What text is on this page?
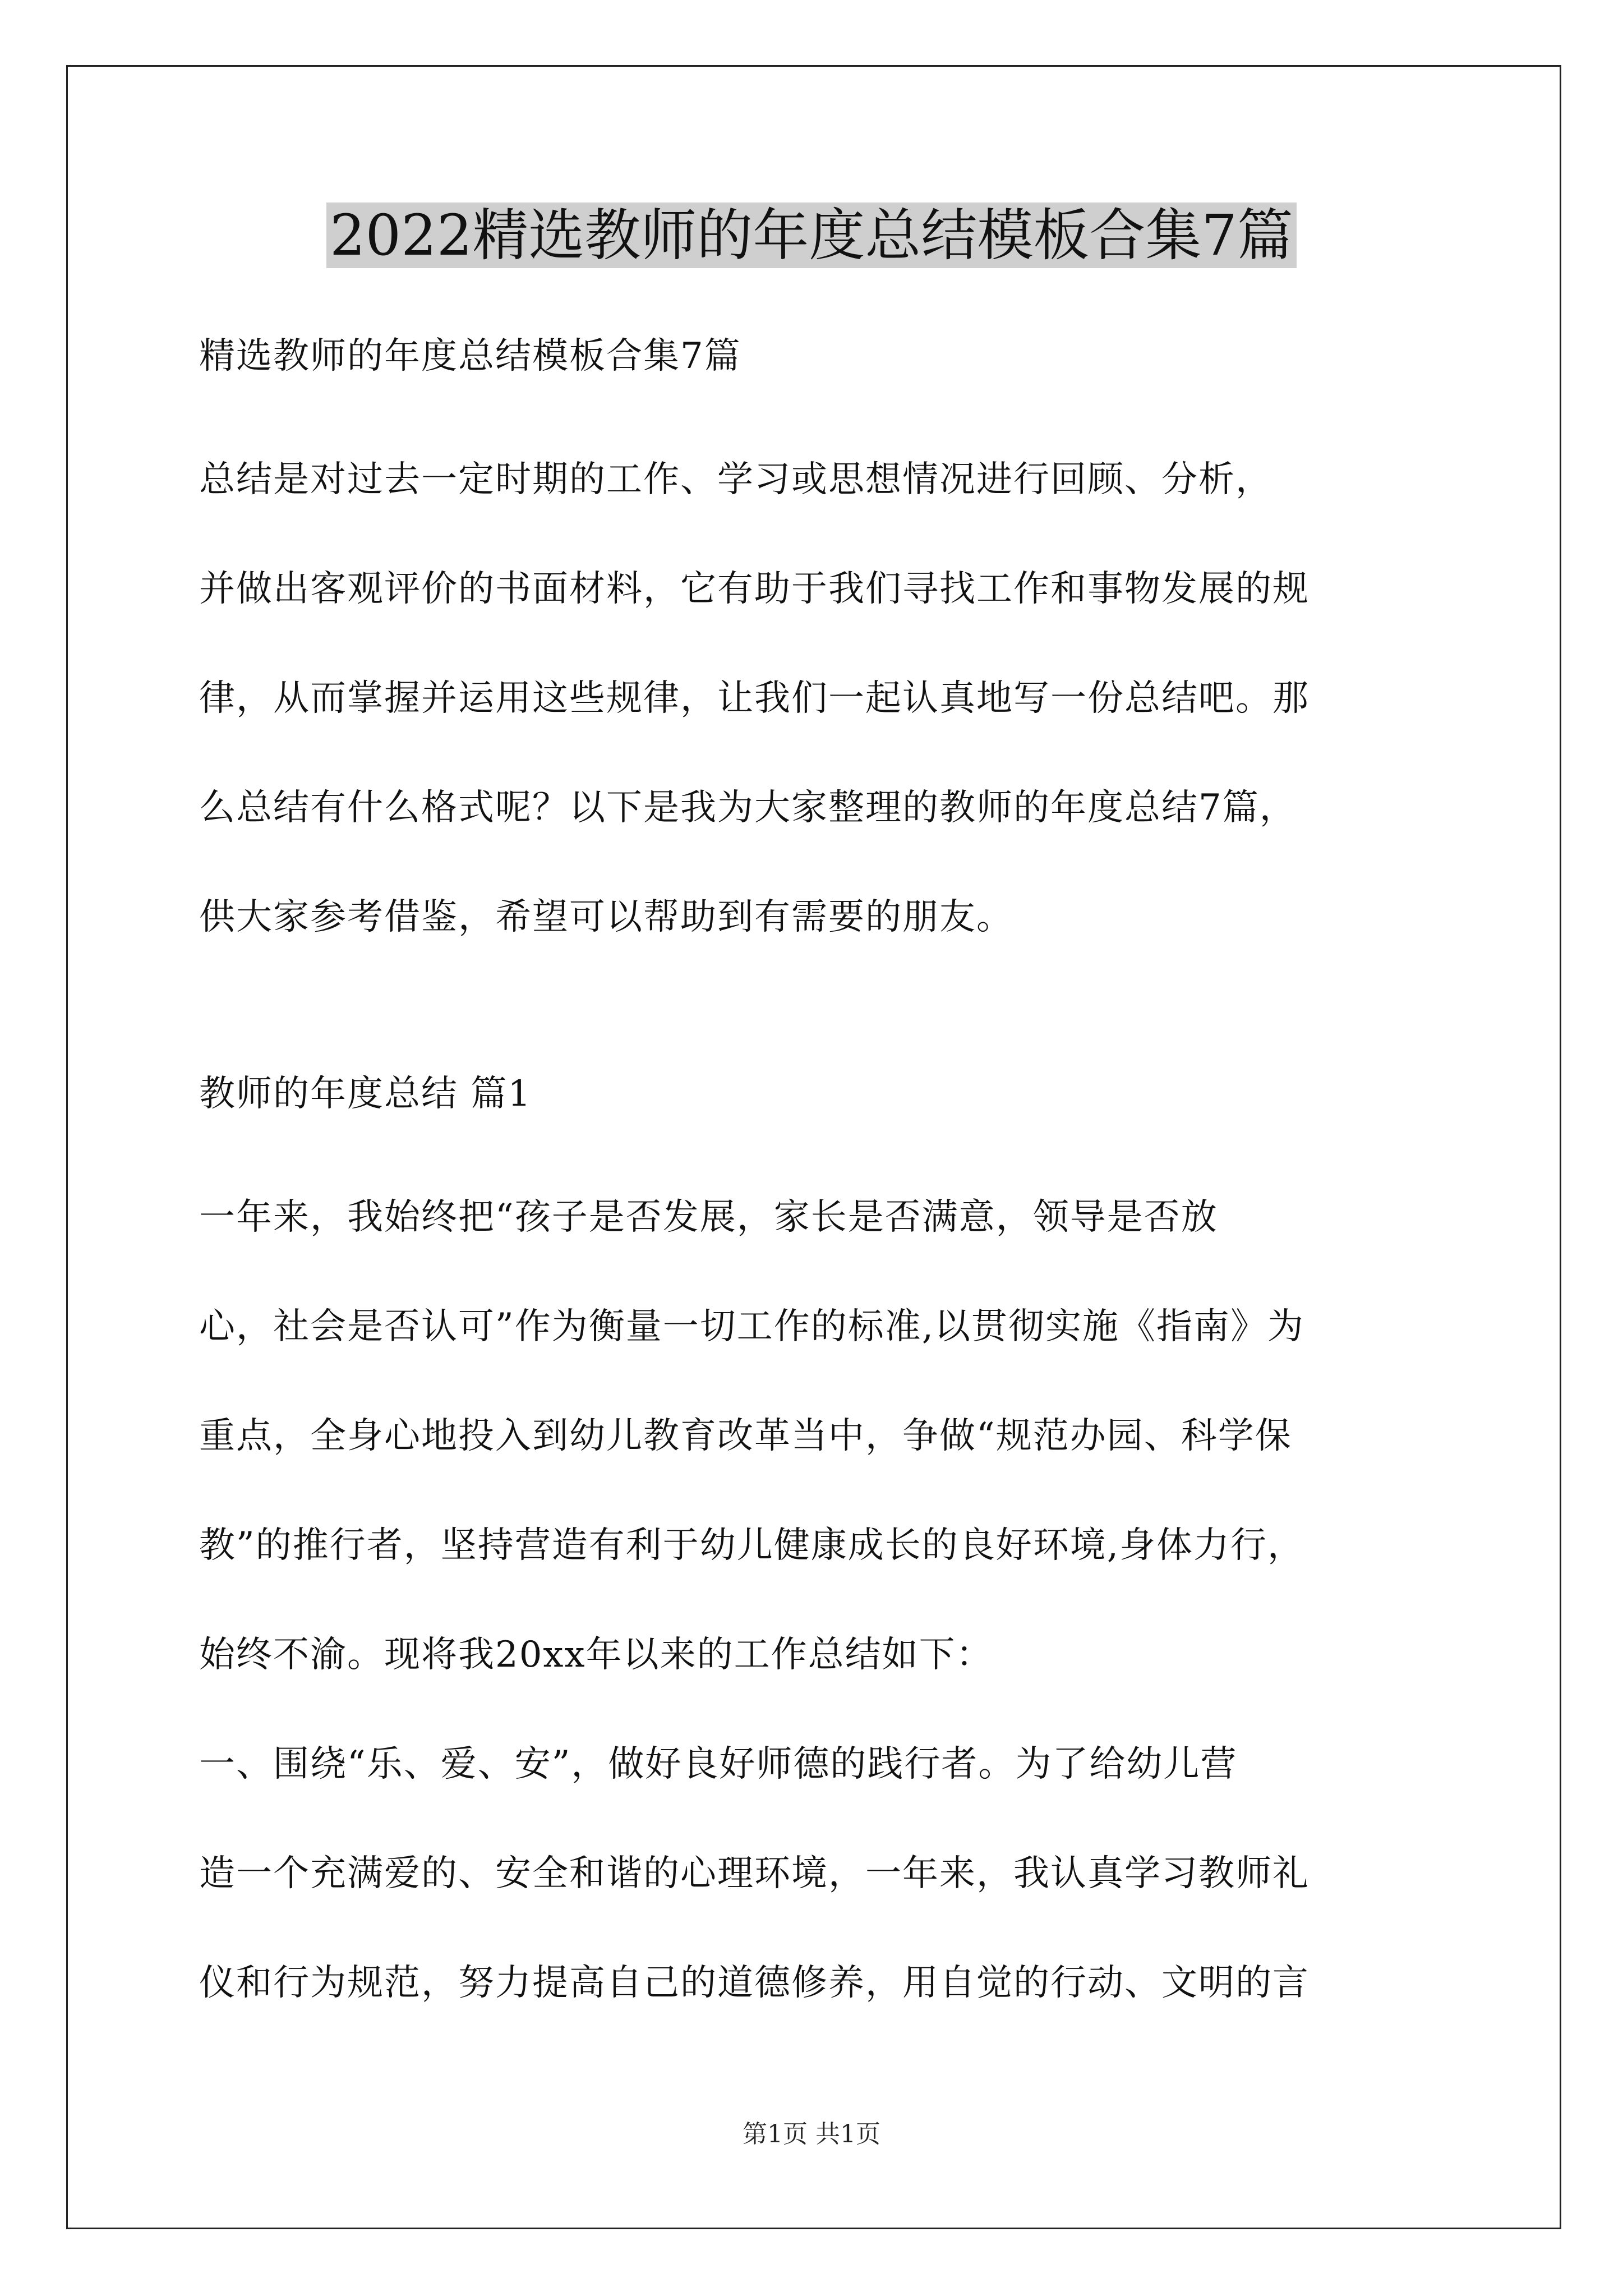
2022精选教师的年度总结模板合集7篇
精选教师的年度总结模板合集7篇
总结是对过去一定时期的工作、学习或思想情况进行回顾、分析，
并做出客观评价的书面材料，它有助于我们寻找工作和事物发展的规
律，从而掌握并运用这些规律，让我们一起认真地写一份总结吧。那
么总结有什么格式呢？以下是我为大家整理的教师的年度总结7篇，
供大家参考借鉴，希望可以帮助到有需要的朋友。
教师的年度总结 篇1
一年来，我始终把“孩子是否发展，家长是否满意，领导是否放
心，社会是否认可”作为衡量一切工作的标准,以贯彻实施《指南》为
重点，全身心地投入到幼儿教育改革当中，争做“规范办园、科学保
教”的推行者，坚持营造有利于幼儿健康成长的良好环境,身体力行，
始终不渝。现将我20xx年以来的工作总结如下：
一、围绕“乐、爱、安”，做好良好师德的践行者。为了给幼儿营
造一个充满爱的、安全和谐的心理环境，一年来，我认真学习教师礼
仪和行为规范，努力提高自己的道德修养，用自觉的行动、文明的言
第1页 共1页
